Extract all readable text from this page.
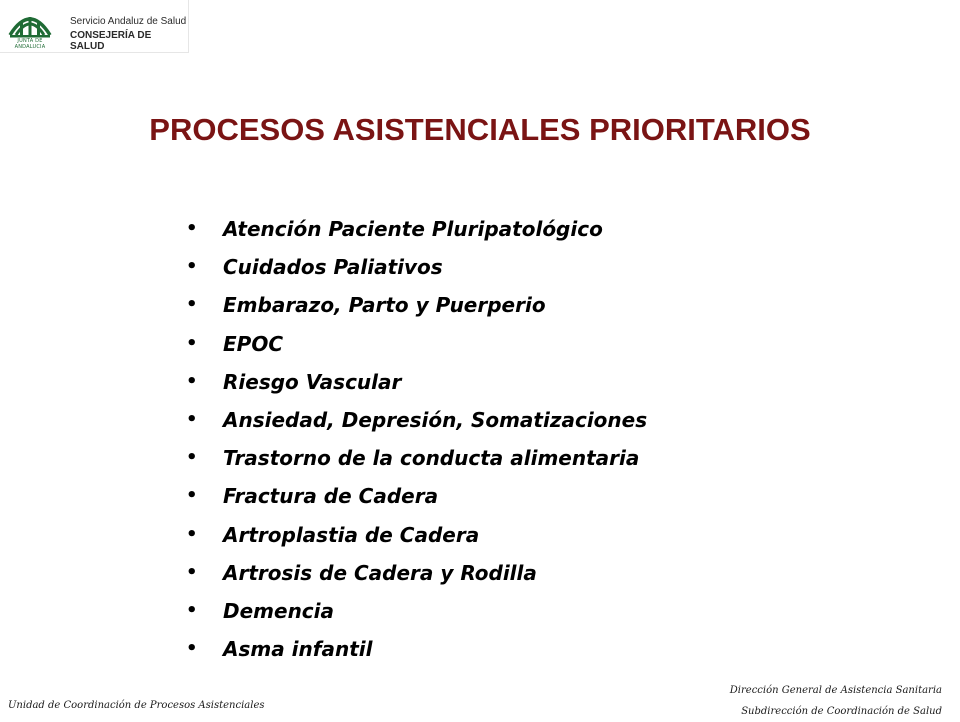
JUNTA DE ANDALUCIA
Servicio Andaluz de Salud
CONSEJERÍA DE SALUD
PROCESOS ASISTENCIALES PRIORITARIOS
• Atención Paciente Pluripatológico
• Cuidados Paliativos
• Embarazo, Parto y Puerperio
• EPOC
• Riesgo Vascular
• Ansiedad, Depresión, Somatizaciones
• Trastorno de la conducta alimentaria
• Fractura de Cadera
• Artroplastia de Cadera
• Artrosis de Cadera y Rodilla
• Demencia
• Asma infantil
Unidad de Coordinación de Procesos Asistenciales
Dirección General de Asistencia Sanitaria
Subdirección de Coordinación de Salud
